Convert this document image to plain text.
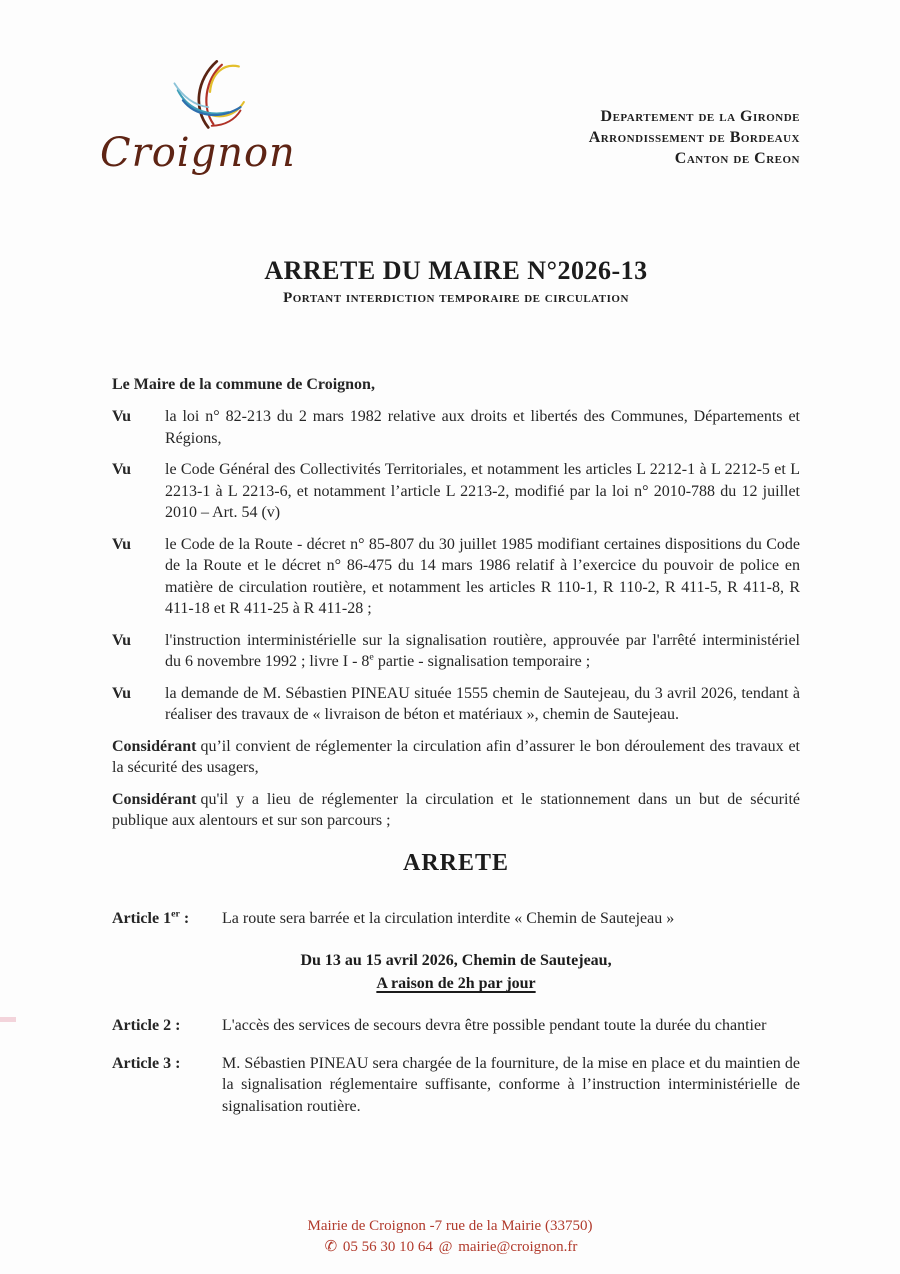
Croignon
Departement de la Gironde
Arrondissement de Bordeaux
Canton de Creon
ARRETE DU MAIRE N°2026-13
Portant interdiction temporaire de circulation

Le Maire de la commune de Croignon,

Vu	la loi n° 82-213 du 2 mars 1982 relative aux droits et libertés des Communes, Départements et Régions,
Vu	le Code Général des Collectivités Territoriales, et notamment les articles L 2212-1 à L 2212-5 et L 2213-1 à L 2213-6, et notamment l’article L 2213-2, modifié par la loi n° 2010-788 du 12 juillet 2010 – Art. 54 (v)
Vu	le Code de la Route - décret n° 85-807 du 30 juillet 1985 modifiant certaines dispositions du Code de la Route et le décret n° 86-475 du 14 mars 1986 relatif à l’exercice du pouvoir de police en matière de circulation routière, et notamment les articles R 110-1, R 110-2, R 411-5, R 411-8, R 411-18 et R 411-25 à R 411-28 ;
Vu	l'instruction interministérielle sur la signalisation routière, approuvée par l'arrêté interministériel du 6 novembre 1992 ; livre I - 8e partie - signalisation temporaire ;
Vu	la demande de M. Sébastien PINEAU située 1555 chemin de Sautejeau, du 3 avril 2026, tendant à réaliser des travaux de « livraison de béton et matériaux », chemin de Sautejeau.

Considérant qu’il convient de réglementer la circulation afin d’assurer le bon déroulement des travaux et la sécurité des usagers,

Considérant qu'il y a lieu de réglementer la circulation et le stationnement dans un but de sécurité publique aux alentours et sur son parcours ;

ARRETE
Article 1er :	La route sera barrée et la circulation interdite « Chemin de Sautejeau »
Du 13 au 15 avril 2026, Chemin de Sautejeau,
A raison de 2h par jour
Article 2 :	L'accès des services de secours devra être possible pendant toute la durée du chantier
Article 3 :	M. Sébastien PINEAU sera chargée de la fourniture, de la mise en place et du maintien de la signalisation réglementaire suffisante, conforme à l’instruction interministérielle de signalisation routière.
Mairie de Croignon -7 rue de la Mairie (33750)
✆ 05 56 30 10 64 @ mairie@croignon.fr
